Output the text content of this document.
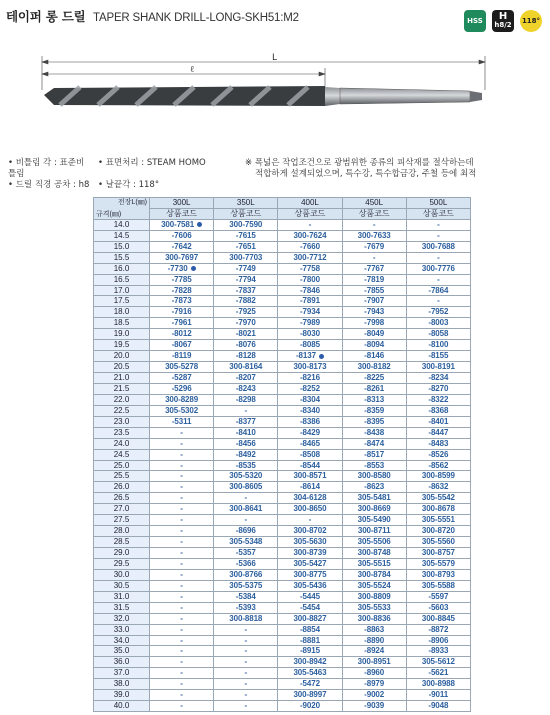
테이퍼 롱 드릴 TAPER SHANK DRILL-LONG-SKH51:M2	HSS	H
h8/2 118°
ℓ
L
• 비틀림 각 : 표준비틀림
• 표면처리 : STEAM HOMO
• 드릴 직경 공차 : h8 • 날끝각 : 118°
※ 폭넓은 작업조건으로 광범위한 종류의 피삭재를 절삭하는데
적합하게 설계되었으며, 특수강, 특수합금강, 주철 등에 최적
전장L(㎜)
규격(㎜)	300L	350L	400L	450L	500L
	상품코드	상품코드	상품코드	상품코드	상품코드
14.0	300-7581	300-7590	-	-	-
14.5	-7606	-7615	300-7624	300-7633	-
15.0	-7642	-7651	-7660	-7679	300-7688
15.5	300-7697	300-7703	300-7712	-	-
16.0	-7730	-7749	-7758	-7767	300-7776
16.5	-7785	-7794	-7800	-7819	-
17.0	-7828	-7837	-7846	-7855	-7864
17.5	-7873	-7882	-7891	-7907	-
18.0	-7916	-7925	-7934	-7943	-7952
18.5	-7961	-7970	-7989	-7998	-8003
19.0	-8012	-8021	-8030	-8049	-8058
19.5	-8067	-8076	-8085	-8094	-8100
20.0	-8119	-8128	-8137	-8146	-8155
20.5	305-5278	300-8164	300-8173	300-8182	300-8191
21.0	-5287	-8207	-8216	-8225	-8234
21.5	-5296	-8243	-8252	-8261	-8270
22.0	300-8289	-8298	-8304	-8313	-8322
22.5	305-5302	-	-8340	-8359	-8368
23.0	-5311	-8377	-8386	-8395	-8401
23.5	-	-8410	-8429	-8438	-8447
24.0	-	-8456	-8465	-8474	-8483
24.5	-	-8492	-8508	-8517	-8526
25.0	-	-8535	-8544	-8553	-8562
25.5	-	305-5320	300-8571	300-8580	300-8599
26.0	-	300-8605	-8614	-8623	-8632
26.5	-	-	304-6128	305-5481	305-5542
27.0	-	300-8641	300-8650	300-8669	300-8678
27.5	-	-	-	305-5490	305-5551
28.0	-	-8696	300-8702	300-8711	300-8720
28.5	-	305-5348	305-5630	305-5506	305-5560
29.0	-	-5357	300-8739	300-8748	300-8757
29.5	-	-5366	305-5427	305-5515	305-5579
30.0	-	300-8766	300-8775	300-8784	300-8793
30.5	-	305-5375	305-5436	305-5524	305-5588
31.0	-	-5384	-5445	300-8809	-5597
31.5	-	-5393	-5454	305-5533	-5603
32.0	-	300-8818	300-8827	300-8836	300-8845
33.0	-	-	-8854	-8863	-8872
34.0	-	-	-8881	-8890	-8906
35.0	-	-	-8915	-8924	-8933
36.0	-	-	300-8942	300-8951	305-5612
37.0	-	-	305-5463	-8960	-5621
38.0	-	-	-5472	-8979	300-8988
39.0	-	-	300-8997	-9002	-9011
40.0	-	-	-9020	-9039	-9048
